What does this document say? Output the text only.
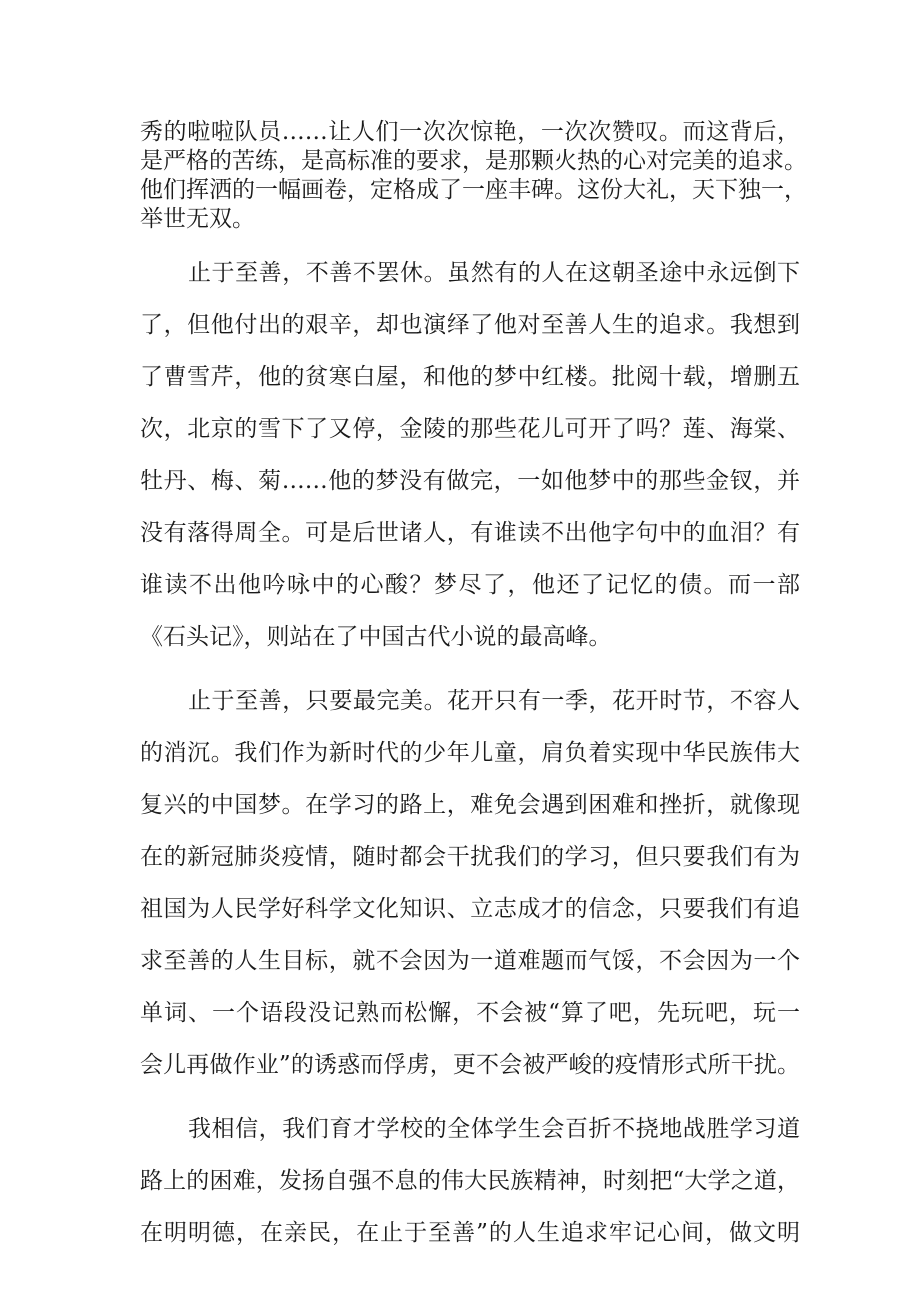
秀的啦啦队员……让人们一次次惊艳，一次次赞叹。而这背后，
是严格的苦练，是高标准的要求，是那颗火热的心对完美的追求。
他们挥洒的一幅画卷，定格成了一座丰碑。这份大礼，天下独一，
举世无双。
止于至善，不善不罢休。虽然有的人在这朝圣途中永远倒下
了，但他付出的艰辛，却也演绎了他对至善人生的追求。我想到
了曹雪芹，他的贫寒白屋，和他的梦中红楼。批阅十载，增删五
次，北京的雪下了又停，金陵的那些花儿可开了吗？莲、海棠、
牡丹、梅、菊……他的梦没有做完，一如他梦中的那些金钗，并
没有落得周全。可是后世诸人，有谁读不出他字句中的血泪？有
谁读不出他吟咏中的心酸？梦尽了，他还了记忆的债。而一部
《石头记》，则站在了中国古代小说的最高峰。
止于至善，只要最完美。花开只有一季，花开时节，不容人
的消沉。我们作为新时代的少年儿童，肩负着实现中华民族伟大
复兴的中国梦。在学习的路上，难免会遇到困难和挫折，就像现
在的新冠肺炎疫情，随时都会干扰我们的学习，但只要我们有为
祖国为人民学好科学文化知识、立志成才的信念，只要我们有追
求至善的人生目标，就不会因为一道难题而气馁，不会因为一个
单词、一个语段没记熟而松懈，不会被“算了吧，先玩吧，玩一
会儿再做作业”的诱惑而俘虏，更不会被严峻的疫情形式所干扰。
我相信，我们育才学校的全体学生会百折不挠地战胜学习道
路上的困难，发扬自强不息的伟大民族精神，时刻把“大学之道，
在明明德，在亲民，在止于至善”的人生追求牢记心间，做文明
